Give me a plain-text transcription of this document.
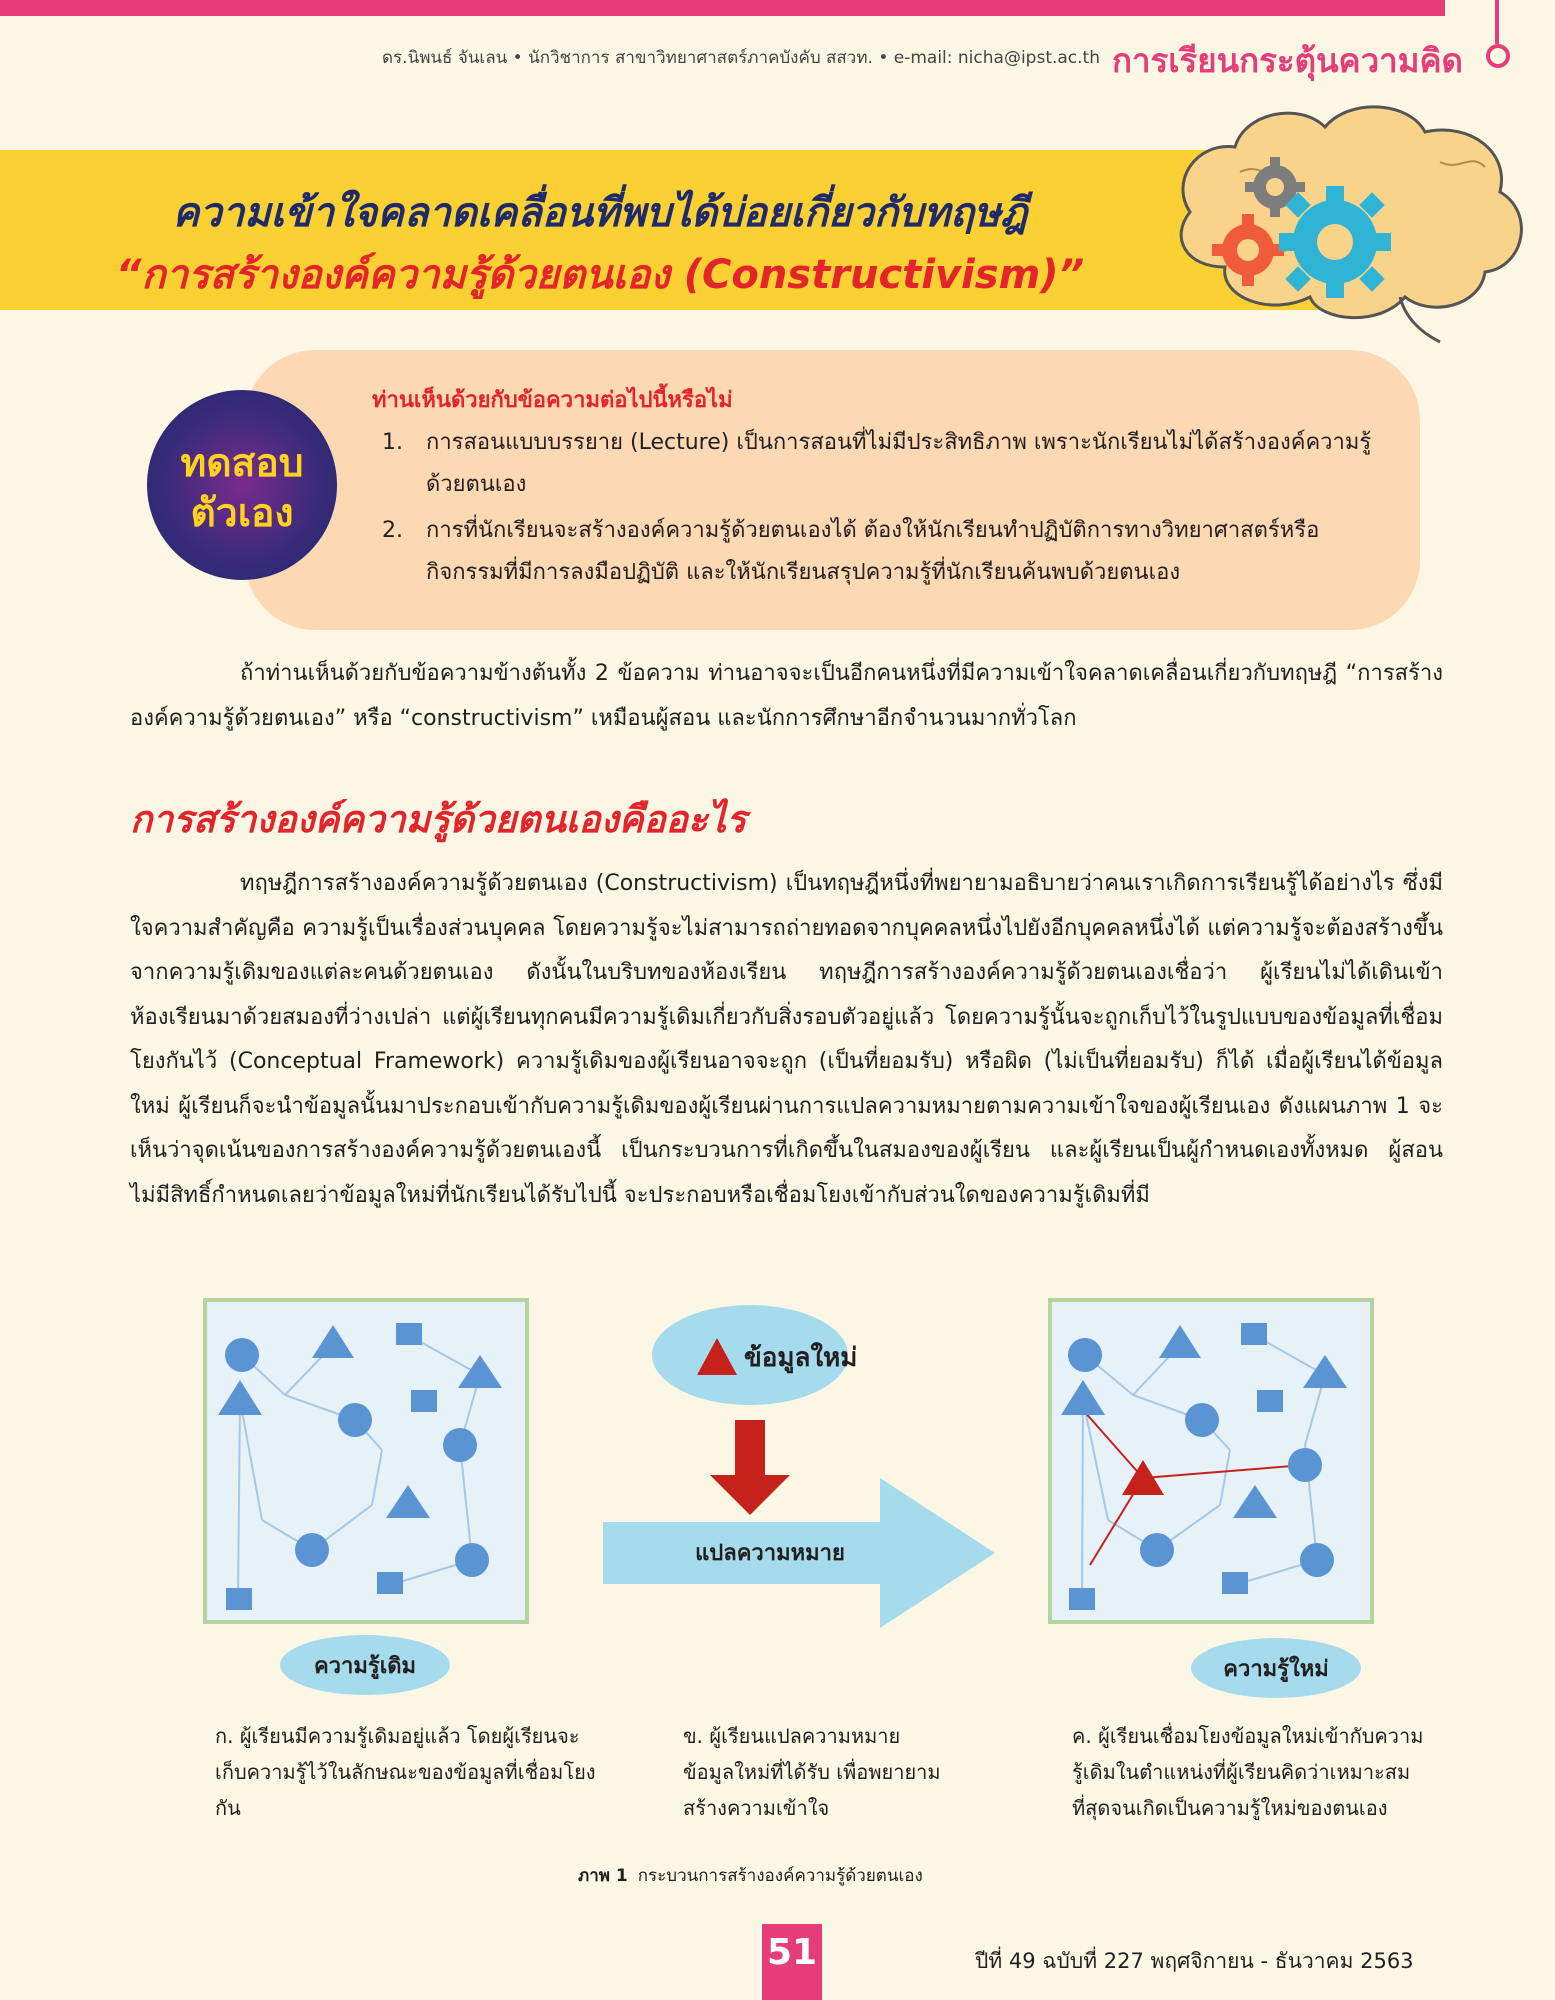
ดร.นิพนธ์ จันเลน • นักวิชาการ สาขาวิทยาศาสตร์ภาคบังคับ สสวท. • e-mail: nicha@ipst.ac.th การเรียนกระตุ้นความคิด
ความเข้าใจคลาดเคลื่อนที่พบได้บ่อยเกี่ยวกับทฤษฎี
“การสร้างองค์ความรู้ด้วยตนเอง (Constructivism)”
ทดสอบ
ตัวเอง
ท่านเห็นด้วยกับข้อความต่อไปนี้หรือไม่
1. การสอนแบบบรรยาย (Lecture) เป็นการสอนที่ไม่มีประสิทธิภาพ เพราะนักเรียนไม่ได้สร้างองค์ความรู้ด้วยตนเอง
2. การที่นักเรียนจะสร้างองค์ความรู้ด้วยตนเองได้ ต้องให้นักเรียนทำปฏิบัติการทางวิทยาศาสตร์หรือกิจกรรมที่มีการลงมือปฏิบัติ และให้นักเรียนสรุปความรู้ที่นักเรียนค้นพบด้วยตนเอง

ถ้าท่านเห็นด้วยกับข้อความข้างต้นทั้ง 2 ข้อความ ท่านอาจจะเป็นอีกคนหนึ่งที่มีความเข้าใจคลาดเคลื่อนเกี่ยวกับทฤษฎี “การสร้างองค์ความรู้ด้วยตนเอง” หรือ “constructivism” เหมือนผู้สอน และนักการศึกษาอีกจำนวนมากทั่วโลก

การสร้างองค์ความรู้ด้วยตนเองคืออะไร

ทฤษฎีการสร้างองค์ความรู้ด้วยตนเอง (Constructivism) เป็นทฤษฎีหนึ่งที่พยายามอธิบายว่าคนเราเกิดการเรียนรู้ได้อย่างไร ซึ่งมีใจความสำคัญคือ ความรู้เป็นเรื่องส่วนบุคคล โดยความรู้จะไม่สามารถถ่ายทอดจากบุคคลหนึ่งไปยังอีกบุคคลหนึ่งได้ แต่ความรู้จะต้องสร้างขึ้นจากความรู้เดิมของแต่ละคนด้วยตนเอง ดังนั้นในบริบทของห้องเรียน ทฤษฎีการสร้างองค์ความรู้ด้วยตนเองเชื่อว่า ผู้เรียนไม่ได้เดินเข้าห้องเรียนมาด้วยสมองที่ว่างเปล่า แต่ผู้เรียนทุกคนมีความรู้เดิมเกี่ยวกับสิ่งรอบตัวอยู่แล้ว โดยความรู้นั้นจะถูกเก็บไว้ในรูปแบบของข้อมูลที่เชื่อมโยงกันไว้ (Conceptual Framework) ความรู้เดิมของผู้เรียนอาจจะถูก (เป็นที่ยอมรับ) หรือผิด (ไม่เป็นที่ยอมรับ) ก็ได้ เมื่อผู้เรียนได้ข้อมูลใหม่ ผู้เรียนก็จะนำข้อมูลนั้นมาประกอบเข้ากับความรู้เดิมของผู้เรียนผ่านการแปลความหมายตามความเข้าใจของผู้เรียนเอง ดังแผนภาพ 1 จะเห็นว่าจุดเน้นของการสร้างองค์ความรู้ด้วยตนเองนี้ เป็นกระบวนการที่เกิดขึ้นในสมองของผู้เรียน และผู้เรียนเป็นผู้กำหนดเองทั้งหมด ผู้สอนไม่มีสิทธิ์กำหนดเลยว่าข้อมูลใหม่ที่นักเรียนได้รับไปนี้ จะประกอบหรือเชื่อมโยงเข้ากับส่วนใดของความรู้เดิมที่มี

ความรู้เดิม
ข้อมูลใหม่
แปลความหมาย
ความรู้ใหม่
ก. ผู้เรียนมีความรู้เดิมอยู่แล้ว โดยผู้เรียนจะเก็บความรู้ไว้ในลักษณะของข้อมูลที่เชื่อมโยงกัน
ข. ผู้เรียนแปลความหมายข้อมูลใหม่ที่ได้รับ เพื่อพยายามสร้างความเข้าใจ
ค. ผู้เรียนเชื่อมโยงข้อมูลใหม่เข้ากับความรู้เดิมในตำแหน่งที่ผู้เรียนคิดว่าเหมาะสมที่สุดจนเกิดเป็นความรู้ใหม่ของตนเอง
ภาพ 1 กระบวนการสร้างองค์ความรู้ด้วยตนเอง
51	ปีที่ 49 ฉบับที่ 227 พฤศจิกายน - ธันวาคม 2563
